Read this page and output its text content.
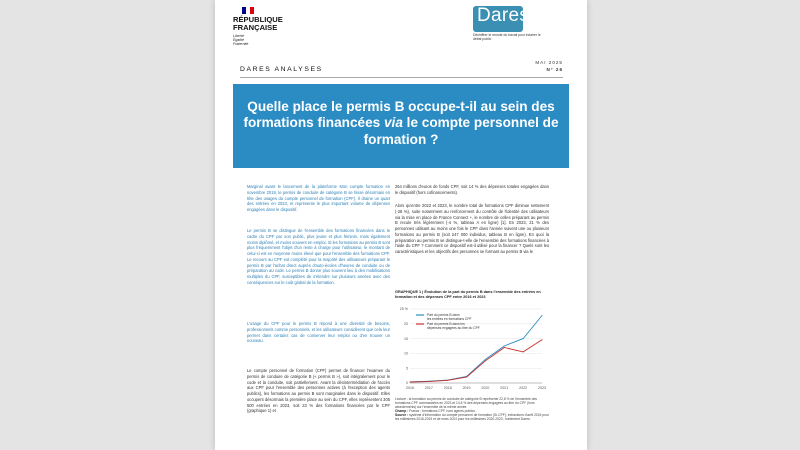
RÉPUBLIQUE
FRANÇAISE
Liberté
Égalité
Fraternité
Dares
Déchiffrer le monde du travail pour éclairer le débat public
DARES ANALYSES
MAI 2025
N° 26
Quelle place le permis B occupe-t-il au sein des formations financées via le compte personnel de formation ?
Marginal avant le lancement de la plateforme Mon compte formation en novembre 2019, le permis de conduire de catégorie B se hisse désormais en tête des usages du compte personnel de formation (CPF). Il draine un quart des entrées en 2023, et représente le plus important volume de dépenses engagées dans le dispositif.
Le permis B se distingue de l'ensemble des formations financées dans le cadre du CPF par son public, plus jeune et plus féminin, mais également moins diplômé, et moins souvent en emploi. Si les formations au permis B sont plus fréquemment l'objet d'un reste à charge pour l'utilisateur, le montant de celui-ci est en moyenne moins élevé que pour l'ensemble des formations CPF. Le recours au CPF est complété pour la majorité des utilisateurs préparant le permis B par l'achat direct auprès d'auto-écoles d'heures de conduite ou de préparation au code. Le permis B donne plus souvent lieu à des mobilisations multiples du CPF, susceptibles de s'étendre sur plusieurs années avec des conséquences sur le coût global de la formation.
L'usage du CPF pour le permis B répond à une diversité de besoins, professionnels comme personnels, et les utilisateurs considèrent que cela leur permet dans certains cas de conserver leur emploi ou d'en trouver un nouveau.
Le compte personnel de formation (CPF) permet de financer l'examen du permis de conduire de catégorie B (« permis B »), soit intégralement pour le code et la conduite, soit partiellement. Avant la désintermédiation de l'accès aux CPF pour l'ensemble des personnes actives (à l'exception des agents publics), les formations au permis B sont marginales dans le dispositif. Elles occupent désormais la première place au sein du CPF, elles représentent 305 500 entrées en 2023, soit 23 % des formations financées par le CPF (graphique 1) et
264 millions d'euros de fonds CPF, soit 14 % des dépenses totales engagées dans le dispositif (hors cofinancements).
Alors qu'entre 2022 et 2023, le nombre total de formations CPF diminue nettement (-28 %), suite notamment au renforcement du contrôle de l'identité des utilisateurs via la mise en place de France Connect +, le nombre de celles préparant au permis B recule très légèrement (-4 %, tableau A en ligne) [1]. En 2023, 21 % des personnes utilisant au moins une fois le CPF dans l'année suivent une ou plusieurs formations au permis B (soit 247 000 individus, tableau B en ligne). En quoi la préparation au permis B se distingue-t-elle de l'ensemble des formations financées à l'aide du CPF ? Comment ce dispositif est-il utilisé pour la financer ? Quels sont les caractéristiques et les objectifs des personnes se formant au permis B via le
GRAPHIQUE 1 | Évolution de la part du permis B dans l'ensemble des entrées en formation et des dépenses CPF entre 2016 et 2023
0
5
10
15
20
25 %
2016	2017	2018	2019	2020	2021	2022	2023
Part du permis B dans
les entrées en formations CPF
Part du permis B dans les
dépenses engagées au titre du CPF
Lecture : la formation au permis de conduire de catégorie B représente 22,8 % de l'ensemble des formations CPF commandées en 2023 et 14,6 % des dépenses engagées au titre du CPF (hors abondements) sur l'ensemble de la même année.
Champ : France ; formations CPF, hors agents publics.
Source : système d'information du compte personnel de formation (SI-CPF), extractions d'avril 2024 pour les millésimes 2016-2019 et de mars 2024 pour les millésimes 2020-2023 ; traitement Dares.
